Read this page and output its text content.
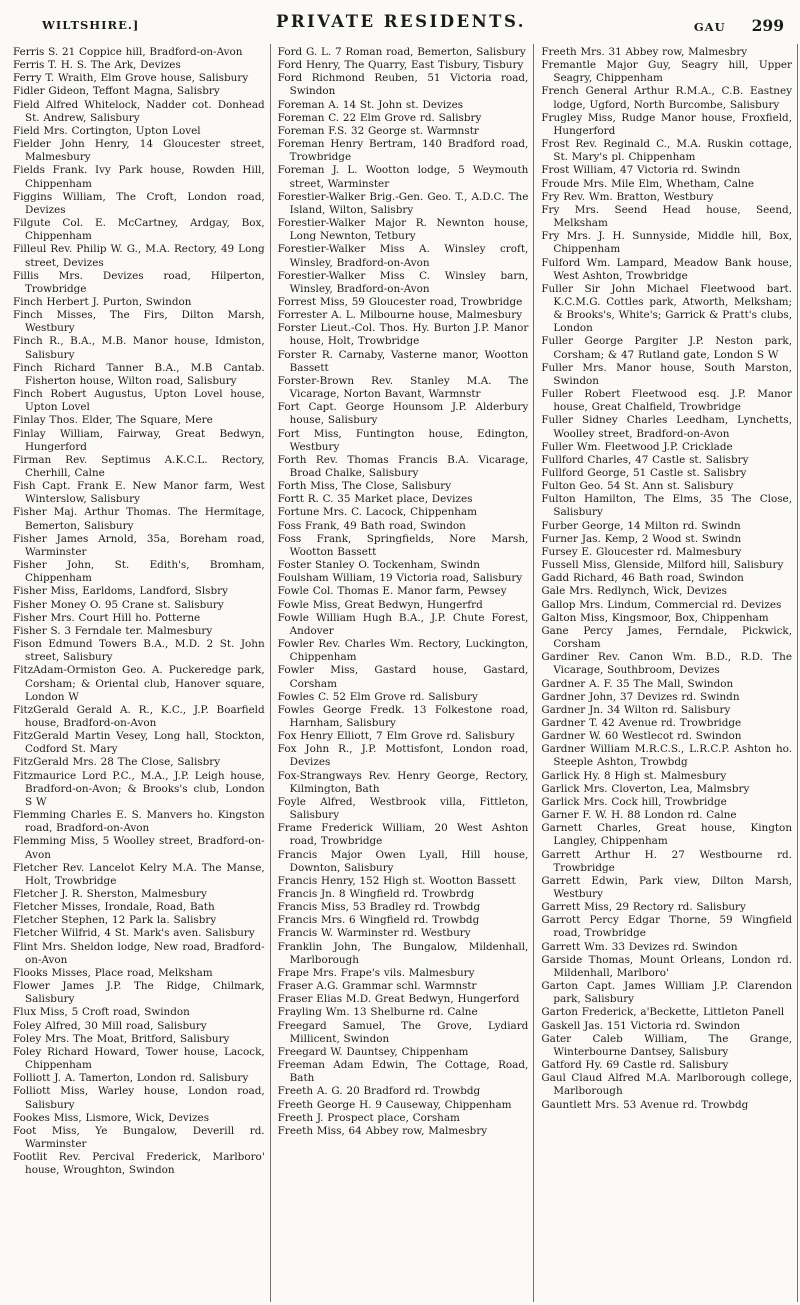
WILTSHIRE.]	PRIVATE RESIDENTS.	GAU 299
Ferris S. 21 Coppice hill, Bradford-on-Avon
Ferris T. H. S. The Ark, Devizes
Ferry T. Wraith, Elm Grove house, Salisbury
Fidler Gideon, Teffont Magna, Salisbry
Field Alfred Whitelock, Nadder cot. Donhead St. Andrew, Salisbury
Field Mrs. Cortington, Upton Lovel
Fielder John Henry, 14 Gloucester street, Malmesbury
Fields Frank. Ivy Park house, Rowden Hill, Chippenham
Figgins William, The Croft, London road, Devizes
Filgute Col. E. McCartney, Ardgay, Box, Chippenham
Filleul Rev. Philip W. G., M.A. Rectory, 49 Long street, Devizes
Fillis Mrs. Devizes road, Hilperton, Trowbridge
Finch Herbert J. Purton, Swindon
Finch Misses, The Firs, Dilton Marsh, Westbury
Finch R., B.A., M.B. Manor house, Idmiston, Salisbury
Finch Richard Tanner B.A., M.B Cantab. Fisherton house, Wilton road, Salisbury
Finch Robert Augustus, Upton Lovel house, Upton Lovel
Finlay Thos. Elder, The Square, Mere
Finlay William, Fairway, Great Bedwyn, Hungerford
Firman Rev. Septimus A.K.C.L. Rectory, Cherhill, Calne
Fish Capt. Frank E. New Manor farm, West Winterslow, Salisbury
Fisher Maj. Arthur Thomas. The Hermitage, Bemerton, Salisbury
Fisher James Arnold, 35a, Boreham road, Warminster
Fisher John, St. Edith's, Bromham, Chippenham
Fisher Miss, Earldoms, Landford, Slsbry
Fisher Money O. 95 Crane st. Salisbury
Fisher Mrs. Court Hill ho. Potterne
Fisher S. 3 Ferndale ter. Malmesbury
Fison Edmund Towers B.A., M.D. 2 St. John street, Salisbury
FitzAdam-Ormiston Geo. A. Puckeredge park, Corsham; & Oriental club, Hanover square, London W
FitzGerald Gerald A. R., K.C., J.P. Boarfield house, Bradford-on-Avon
FitzGerald Martin Vesey, Long hall, Stockton, Codford St. Mary
FitzGerald Mrs. 28 The Close, Salisbry
Fitzmaurice Lord P.C., M.A., J.P. Leigh house, Bradford-on-Avon; & Brooks's club, London S W
Flemming Charles E. S. Manvers ho. Kingston road, Bradford-on-Avon
Flemming Miss, 5 Woolley street, Bradford-on-Avon
Fletcher Rev. Lancelot Kelry M.A. The Manse, Holt, Trowbridge
Fletcher J. R. Sherston, Malmesbury
Fletcher Misses, Irondale, Road, Bath
Fletcher Stephen, 12 Park la. Salisbry
Fletcher Wilfrid, 4 St. Mark's aven. Salisbury
Flint Mrs. Sheldon lodge, New road, Bradford-on-Avon
Flooks Misses, Place road, Melksham
Flower James J.P. The Ridge, Chilmark, Salisbury
Flux Miss, 5 Croft road, Swindon
Foley Alfred, 30 Mill road, Salisbury
Foley Mrs. The Moat, Britford, Salisbury
Foley Richard Howard, Tower house, Lacock, Chippenham
Folliott J. A. Tamerton, London rd. Salisbury
Folliott Miss, Warley house, London road, Salisbury
Fookes Miss, Lismore, Wick, Devizes
Foot Miss, Ye Bungalow, Deverill rd. Warminster
Footlit Rev. Percival Frederick, Marlboro' house, Wroughton, Swindon
Ford G. L. 7 Roman road, Bemerton, Salisbury
Ford Henry, The Quarry, East Tisbury, Tisbury
Ford Richmond Reuben, 51 Victoria road, Swindon
Foreman A. 14 St. John st. Devizes
Foreman C. 22 Elm Grove rd. Salisbry
Foreman F.S. 32 George st. Warmnstr
Foreman Henry Bertram, 140 Bradford road, Trowbridge
Foreman J. L. Wootton lodge, 5 Weymouth street, Warminster
Forestier-Walker Brig.-Gen. Geo. T., A.D.C. The Island, Wilton, Salisbry
Forestier-Walker Major R. Newnton house, Long Newnton, Tetbury
Forestier-Walker Miss A. Winsley croft, Winsley, Bradford-on-Avon
Forestier-Walker Miss C. Winsley barn, Winsley, Bradford-on-Avon
Forrest Miss, 59 Gloucester road, Trowbridge
Forrester A. L. Milbourne house, Malmesbury
Forster Lieut.-Col. Thos. Hy. Burton J.P. Manor house, Holt, Trowbridge
Forster R. Carnaby, Vasterne manor, Wootton Bassett
Forster-Brown Rev. Stanley M.A. The Vicarage, Norton Bavant, Warmnstr
Fort Capt. George Hounsom J.P. Alderbury house, Salisbury
Fort Miss, Funtington house, Edington, Westbury
Forth Rev. Thomas Francis B.A. Vicarage, Broad Chalke, Salisbury
Forth Miss, The Close, Salisbury
Fortt R. C. 35 Market place, Devizes
Fortune Mrs. C. Lacock, Chippenham
Foss Frank, 49 Bath road, Swindon
Foss Frank, Springfields, Nore Marsh, Wootton Bassett
Foster Stanley O. Tockenham, Swindn
Foulsham William, 19 Victoria road, Salisbury
Fowle Col. Thomas E. Manor farm, Pewsey
Fowle Miss, Great Bedwyn, Hungerfrd
Fowle William Hugh B.A., J.P. Chute Forest, Andover
Fowler Rev. Charles Wm. Rectory, Luckington, Chippenham
Fowler Miss, Gastard house, Gastard, Corsham
Fowles C. 52 Elm Grove rd. Salisbury
Fowles George Fredk. 13 Folkestone road, Harnham, Salisbury
Fox Henry Elliott, 7 Elm Grove rd. Salisbury
Fox John R., J.P. Mottisfont, London road, Devizes
Fox-Strangways Rev. Henry George, Rectory, Kilmington, Bath
Foyle Alfred, Westbrook villa, Fittleton, Salisbury
Frame Frederick William, 20 West Ashton road, Trowbridge
Francis Major Owen Lyall, Hill house, Downton, Salisbury
Francis Henry, 152 High st. Wootton Bassett
Francis Jn. 8 Wingfield rd. Trowbrdg
Francis Miss, 53 Bradley rd. Trowbdg
Francis Mrs. 6 Wingfield rd. Trowbdg
Francis W. Warminster rd. Westbury
Franklin John, The Bungalow, Mildenhall, Marlborough
Frape Mrs. Frape's vils. Malmesbury
Fraser A.G. Grammar schl. Warmnstr
Fraser Elias M.D. Great Bedwyn, Hungerford
Frayling Wm. 13 Shelburne rd. Calne
Freegard Samuel, The Grove, Lydiard Millicent, Swindon
Freegard W. Dauntsey, Chippenham
Freeman Adam Edwin, The Cottage, Road, Bath
Freeth A. G. 20 Bradford rd. Trowbdg
Freeth George H. 9 Causeway, Chippenham
Freeth J. Prospect place, Corsham
Freeth Miss, 64 Abbey row, Malmesbry
Freeth Mrs. 31 Abbey row, Malmesbry
Fremantle Major Guy, Seagry hill, Upper Seagry, Chippenham
French General Arthur R.M.A., C.B. Eastney lodge, Ugford, North Burcombe, Salisbury
Frugley Miss, Rudge Manor house, Froxfield, Hungerford
Frost Rev. Reginald C., M.A. Ruskin cottage, St. Mary's pl. Chippenham
Frost William, 47 Victoria rd. Swindn
Froude Mrs. Mile Elm, Whetham, Calne
Fry Rev. Wm. Bratton, Westbury
Fry Mrs. Seend Head house, Seend, Melksham
Fry Mrs. J. H. Sunnyside, Middle hill, Box, Chippenham
Fulford Wm. Lampard, Meadow Bank house, West Ashton, Trowbridge
Fuller Sir John Michael Fleetwood bart. K.C.M.G. Cottles park, Atworth, Melksham; & Brooks's, White's; Garrick & Pratt's clubs, London
Fuller George Pargiter J.P. Neston park, Corsham; & 47 Rutland gate, London S W
Fuller Mrs. Manor house, South Marston, Swindon
Fuller Robert Fleetwood esq. J.P. Manor house, Great Chalfield, Trowbridge
Fuller Sidney Charles Leedham, Lynchetts, Woolley street, Bradford-on-Avon
Fuller Wm. Fleetwood J.P. Cricklade
Fullford Charles, 47 Castle st. Salisbry
Fullford George, 51 Castle st. Salisbry
Fulton Geo. 54 St. Ann st. Salisbury
Fulton Hamilton, The Elms, 35 The Close, Salisbury
Furber George, 14 Milton rd. Swindn
Furner Jas. Kemp, 2 Wood st. Swindn
Fursey E. Gloucester rd. Malmesbury
Fussell Miss, Glenside, Milford hill, Salisbury
Gadd Richard, 46 Bath road, Swindon
Gale Mrs. Redlynch, Wick, Devizes
Gallop Mrs. Lindum, Commercial rd. Devizes
Galton Miss, Kingsmoor, Box, Chippenham
Gane Percy James, Ferndale, Pickwick, Corsham
Gardiner Rev. Canon Wm. B.D., R.D. The Vicarage, Southbroom, Devizes
Gardner A. F. 35 The Mall, Swindon
Gardner John, 37 Devizes rd. Swindn
Gardner Jn. 34 Wilton rd. Salisbury
Gardner T. 42 Avenue rd. Trowbridge
Gardner W. 60 Westlecot rd. Swindon
Gardner William M.R.C.S., L.R.C.P. Ashton ho. Steeple Ashton, Trowbdg
Garlick Hy. 8 High st. Malmesbury
Garlick Mrs. Cloverton, Lea, Malmsbry
Garlick Mrs. Cock hill, Trowbridge
Garner F. W. H. 88 London rd. Calne
Garnett Charles, Great house, Kington Langley, Chippenham
Garrett Arthur H. 27 Westbourne rd. Trowbridge
Garrett Edwin, Park view, Dilton Marsh, Westbury
Garrett Miss, 29 Rectory rd. Salisbury
Garrott Percy Edgar Thorne, 59 Wingfield road, Trowbridge
Garrett Wm. 33 Devizes rd. Swindon
Garside Thomas, Mount Orleans, London rd. Mildenhall, Marlboro'
Garton Capt. James William J.P. Clarendon park, Salisbury
Garton Frederick, a'Beckette, Littleton Panell
Gaskell Jas. 151 Victoria rd. Swindon
Gater Caleb William, The Grange, Winterbourne Dantsey, Salisbury
Gatford Hy. 69 Castle rd. Salisbury
Gaul Claud Alfred M.A. Marlborough college, Marlborough
Gauntlett Mrs. 53 Avenue rd. Trowbdg
